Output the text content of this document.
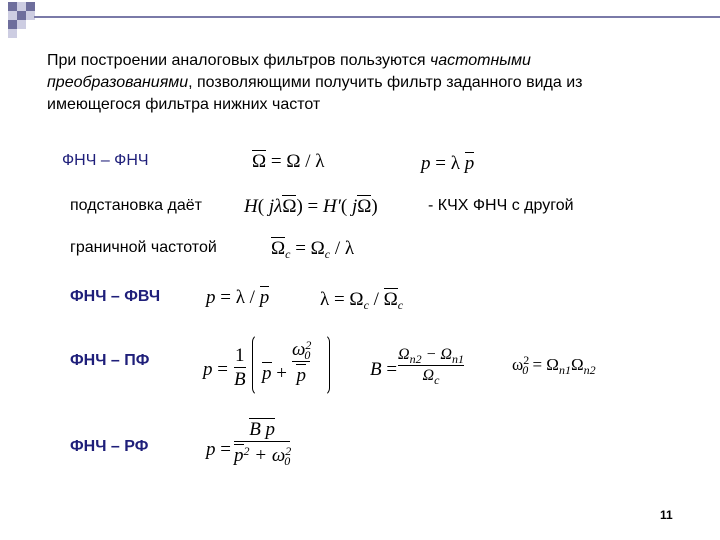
При построении аналоговых фильтров пользуются частотными преобразованиями, позволяющими получить фильтр заданного вида из имеющегося фильтра нижних частот
ФНЧ – ФНЧ	Ω = Ω / λ	p = λ p
подстановка даёт H( jλΩ) = H′( jΩ)	- КЧХ ФНЧ с другой
граничной частотой	$\Omega_c = \Omega_c / \lambda$
ФНЧ – ФВЧ p = λ / p	$\lambda = \Omega_c / \Omega_c$
ФНЧ – ПФ	p =
1
B p +
$\omega^2_0$
p	B =
$\Omega_{п2} - \Omega_{п1}$
$\Omega_c$
$\omega^2_0 = \Omega_{п1}\Omega_{п2}$
ФНЧ – РФ	p =
B p
$p^2 + \omega^2_0$
11
